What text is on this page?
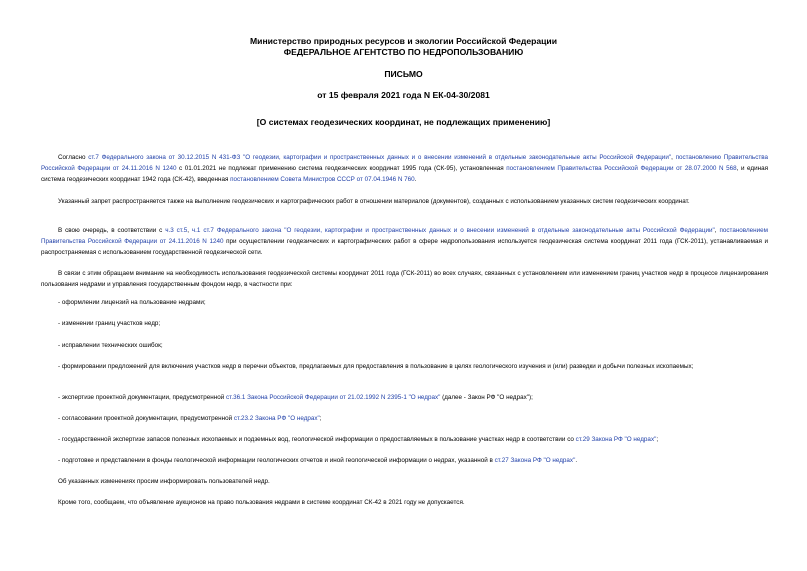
Министерство природных ресурсов и экологии Российской Федерации
ФЕДЕРАЛЬНОЕ АГЕНТСТВО ПО НЕДРОПОЛЬЗОВАНИЮ
ПИСЬМО
от 15 февраля 2021 года N ЕК-04-30/2081
[О системах геодезических координат, не подлежащих применению]
Согласно ст.7 Федерального закона от 30.12.2015 N 431-ФЗ "О геодезии, картографии и пространственных данных и о внесении изменений в отдельные законодательные акты Российской Федерации", постановлению Правительства Российской Федерации от 24.11.2016 N 1240 с 01.01.2021 не подлежат применению система геодезических координат 1995 года (СК-95), установленная постановлением Правительства Российской Федерации от 28.07.2000 N 568, и единая система геодезических координат 1942 года (СК-42), введенная постановлением Совета Министров СССР от 07.04.1946 N 760.
Указанный запрет распространяется также на выполнение геодезических и картографических работ в отношении материалов (документов), созданных с использованием указанных систем геодезических координат.
В свою очередь, в соответствии с ч.3 ст.5, ч.1 ст.7 Федерального закона "О геодезии, картографии и пространственных данных и о внесении изменений в отдельные законодательные акты Российской Федерации", постановлением Правительства Российской Федерации от 24.11.2016 N 1240 при осуществлении геодезических и картографических работ в сфере недропользования используется геодезическая система координат 2011 года (ГСК-2011), устанавливаемая и распространяемая с использованием государственной геодезической сети.
В связи с этим обращаем внимание на необходимость использования геодезической системы координат 2011 года (ГСК-2011) во всех случаях, связанных с установлением или изменением границ участков недр в процессе лицензирования пользования недрами и управления государственным фондом недр, в частности при:
- оформлении лицензий на пользование недрами;
- изменении границ участков недр;
- исправлении технических ошибок;
- формировании предложений для включения участков недр в перечни объектов, предлагаемых для предоставления в пользование в целях геологического изучения и (или) разведки и добычи полезных ископаемых;
- экспертизе проектной документации, предусмотренной ст.36.1 Закона Российской Федерации от 21.02.1992 N 2395-1 "О недрах" (далее - Закон РФ "О недрах");
- согласовании проектной документации, предусмотренной ст.23.2 Закона РФ "О недрах";
- государственной экспертизе запасов полезных ископаемых и подземных вод, геологической информации о предоставляемых в пользование участках недр в соответствии со ст.29 Закона РФ "О недрах";
- подготовке и представлении в фонды геологической информации геологических отчетов и иной геологической информации о недрах, указанной в ст.27 Закона РФ "О недрах".
Об указанных изменениях просим информировать пользователей недр.
Кроме того, сообщаем, что объявление аукционов на право пользования недрами в системе координат СК-42 в 2021 году не допускается.
